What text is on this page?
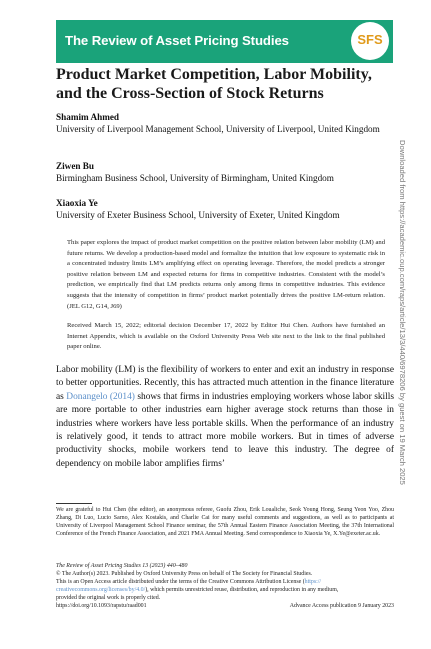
The Review of Asset Pricing Studies	SFS
Product Market Competition, Labor Mobility, and the Cross-Section of Stock Returns
Shamim Ahmed
University of Liverpool Management School, University of Liverpool, United Kingdom
Ziwen Bu
Birmingham Business School, University of Birmingham, United Kingdom
Xiaoxia Ye
University of Exeter Business School, University of Exeter, United Kingdom

This paper explores the impact of product market competition on the positive relation between labor mobility (LM) and future returns. We develop a production-based model and formalize the intuition that low exposure to systematic risk in a concentrated industry limits LM’s amplifying effect on operating leverage. Therefore, the model predicts a stronger positive relation between LM and expected returns for firms in competitive industries. Consistent with the model’s prediction, we empirically find that LM predicts returns only among firms in competitive industries. This evidence suggests that the intensity of competition in firms’ product market potentially drives the positive LM-return relation. (JEL G12, G14, J69)

Received March 15, 2022; editorial decision December 17, 2022 by Editor Hui Chen. Authors have furnished an Internet Appendix, which is available on the Oxford University Press Web site next to the link to the final published paper online.

Labor mobility (LM) is the flexibility of workers to enter and exit an industry in response to better opportunities. Recently, this has attracted much attention in the finance literature as Donangelo (2014) shows that firms in industries employing workers whose labor skills are more portable to other industries earn higher average stock returns than those in industries where workers have less portable skills. When the performance of an industry is relatively good, it tends to attract more mobile workers. But in times of adverse productivity shocks, mobile workers tend to leave this industry. The degree of dependency on mobile labor amplifies firms’

We are grateful to Hui Chen (the editor), an anonymous referee, Guofu Zhou, Erik Loualiche, Seok Young Hong, Seung Yeon Yoo, Zhou Zhang, Di Luo, Lucio Sarno, Alex Kostakis, and Charlie Cai for many useful comments and suggestions, as well as to participants at University of Liverpool Management School Finance seminar, the 57th Annual Eastern Finance Association Meeting, the 37th International Conference of the French Finance Association, and 2021 FMA Annual Meeting. Send correspondence to Xiaoxia Ye, X.Ye@exeter.ac.uk.

The Review of Asset Pricing Studies 13 (2023) 440–480
© The Author(s) 2023. Published by Oxford University Press on behalf of The Society for Financial Studies.
This is an Open Access article distributed under the terms of the Creative Commons Attribution License (https://
creativecommons.org/licenses/by/4.0/), which permits unrestricted reuse, distribution, and reproduction in any medium,
provided the original work is properly cited.
https://doi.org/10.1093/rapstu/raad001	Advance Access publication 9 January 2023
Downloaded from https://academic.oup.com/raps/article/13/3/440/6978206 by guest on 19 March 2025
